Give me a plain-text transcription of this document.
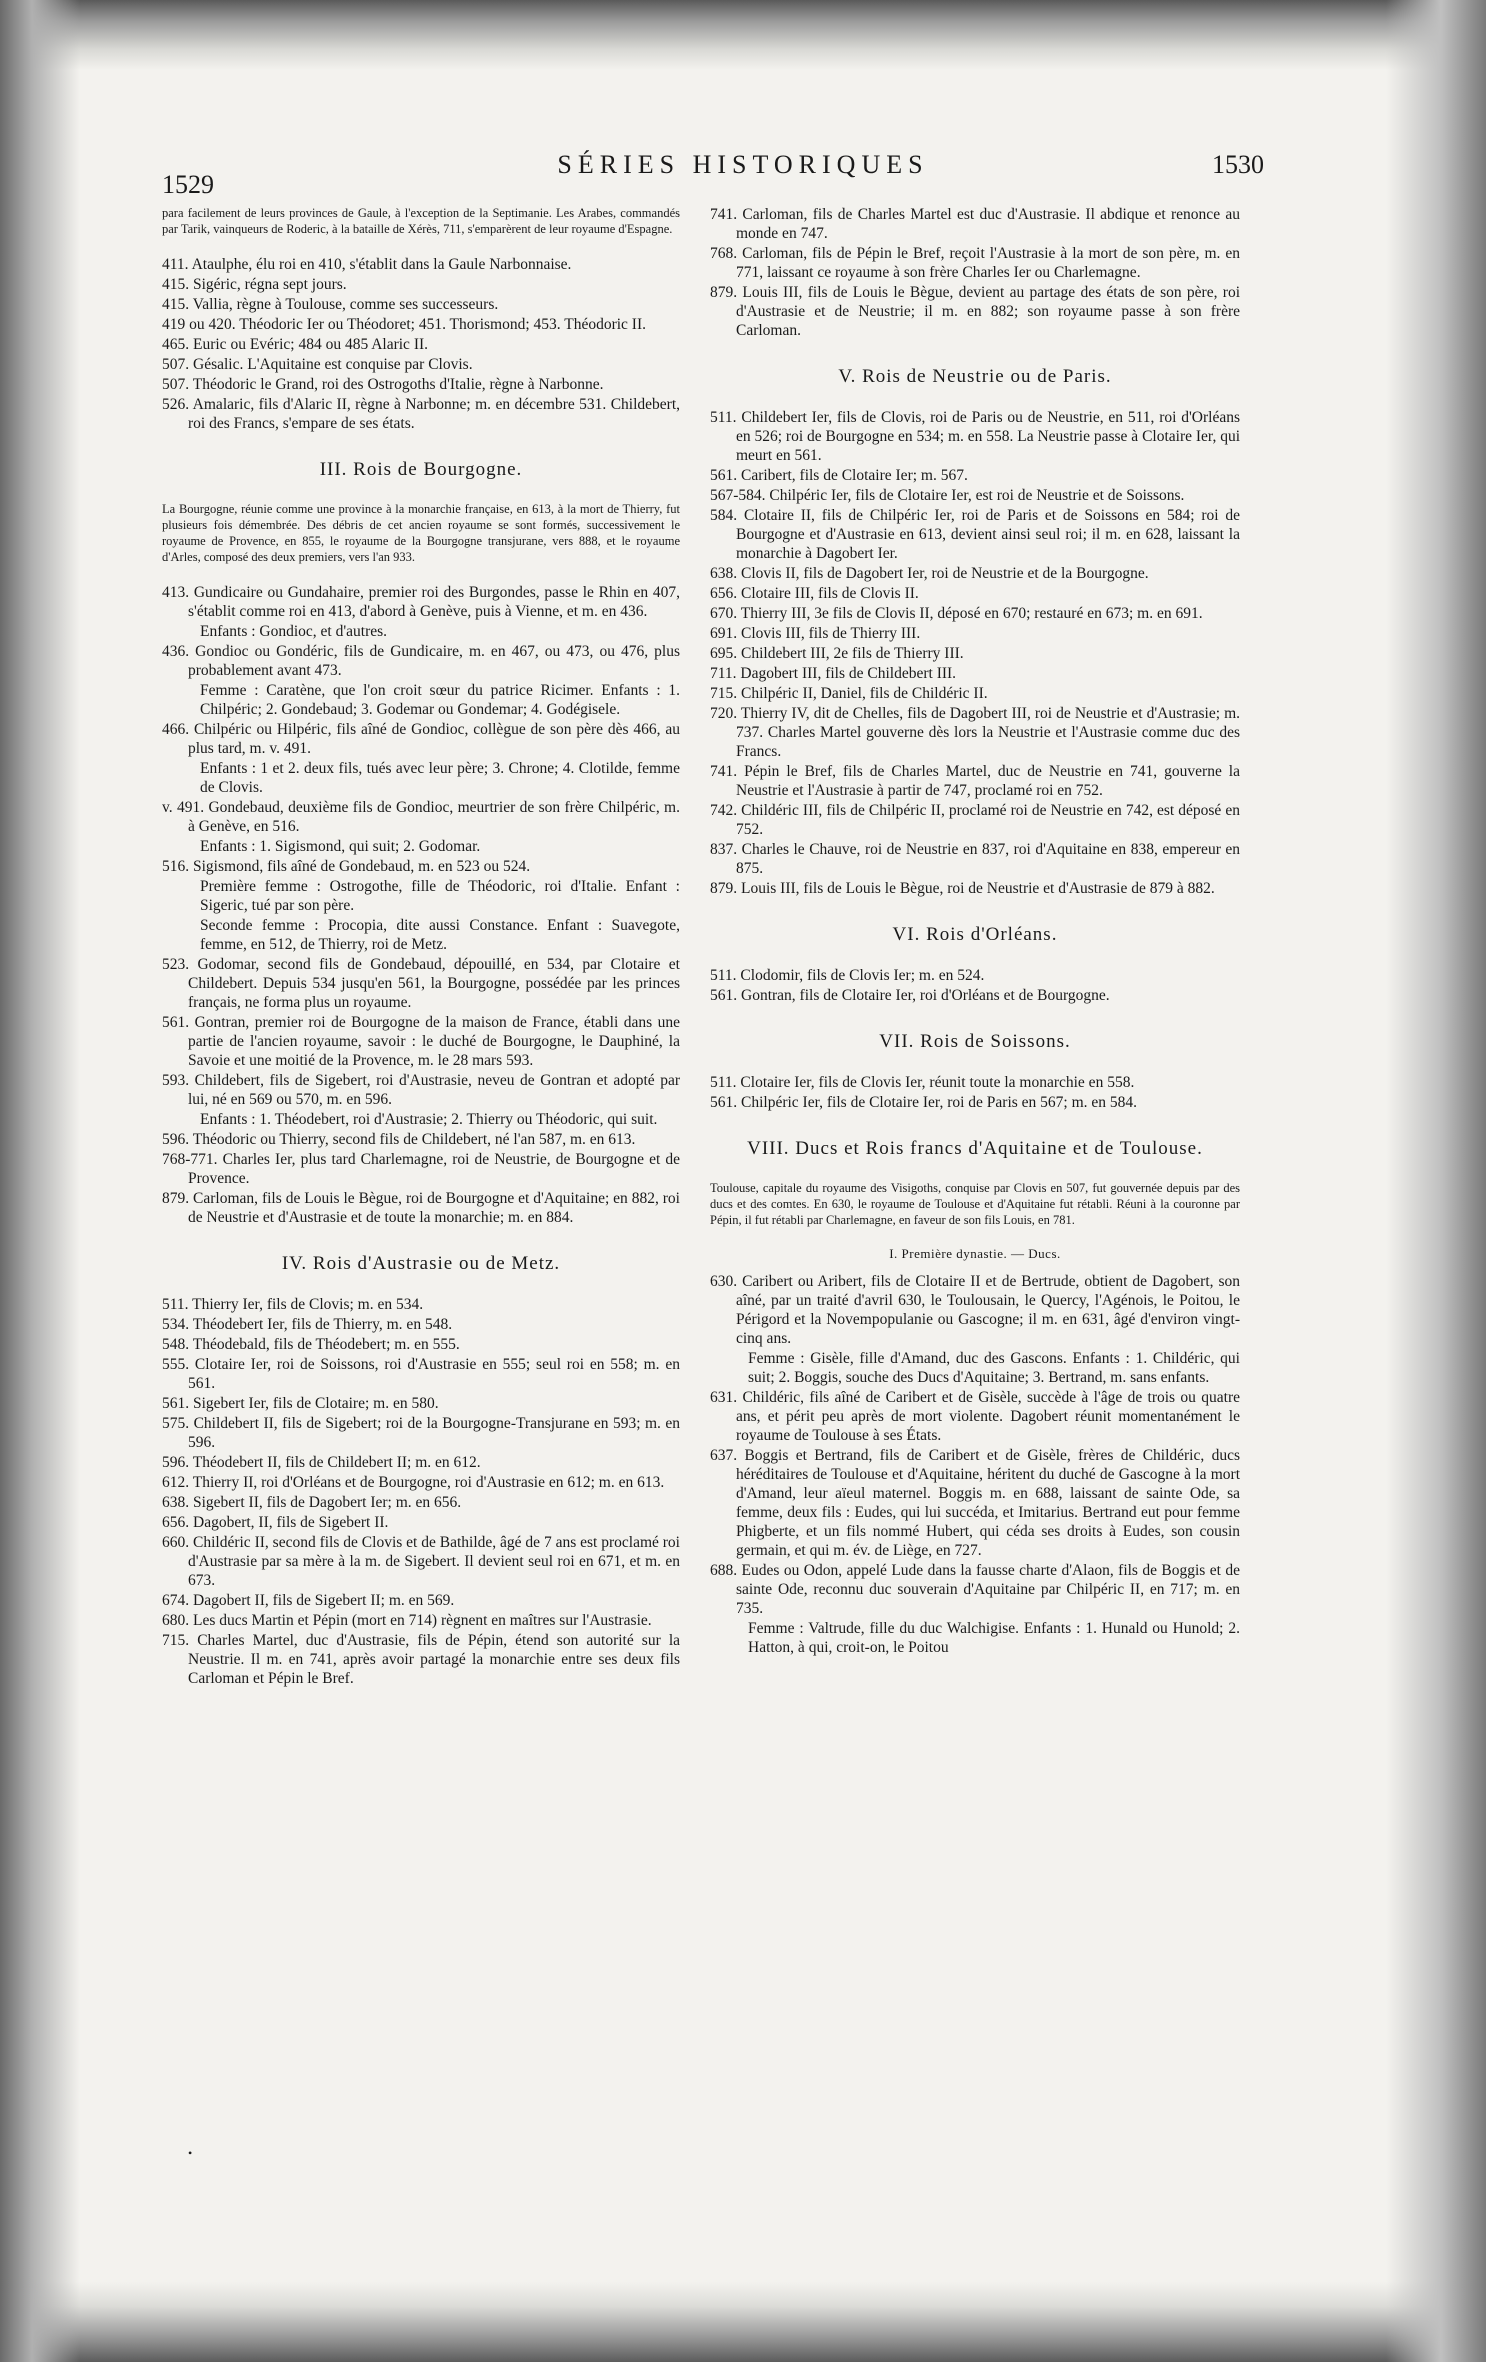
1529
SÉRIES HISTORIQUES	1530

para facilement de leurs provinces de Gaule, à l'exception de la Septimanie. Les Arabes, commandés par Tarik, vainqueurs de Roderic, à la bataille de Xérès, 711, s'emparèrent de leur royaume d'Espagne.

411. Ataulphe, élu roi en 410, s'établit dans la Gaule Narbonnaise.

415. Sigéric, régna sept jours.

415. Vallia, règne à Toulouse, comme ses successeurs.

419 ou 420. Théodoric Ier ou Théodoret; 451. Thorismond; 453. Théodoric II.

465. Euric ou Evéric; 484 ou 485 Alaric II.

507. Gésalic. L'Aquitaine est conquise par Clovis.

507. Théodoric le Grand, roi des Ostrogoths d'Italie, règne à Narbonne.

526. Amalaric, fils d'Alaric II, règne à Narbonne; m. en décembre 531. Childebert, roi des Francs, s'empare de ses états.

III. Rois de Bourgogne.

La Bourgogne, réunie comme une province à la monarchie française, en 613, à la mort de Thierry, fut plusieurs fois démembrée. Des débris de cet ancien royaume se sont formés, successivement le royaume de Provence, en 855, le royaume de la Bourgogne transjurane, vers 888, et le royaume d'Arles, composé des deux premiers, vers l'an 933.

413. Gundicaire ou Gundahaire, premier roi des Burgondes, passe le Rhin en 407, s'établit comme roi en 413, d'abord à Genève, puis à Vienne, et m. en 436.

Enfants : Gondioc, et d'autres.

436. Gondioc ou Gondéric, fils de Gundicaire, m. en 467, ou 473, ou 476, plus probablement avant 473.

Femme : Caratène, que l'on croit sœur du patrice Ricimer. Enfants : 1. Chilpéric; 2. Gondebaud; 3. Godemar ou Gondemar; 4. Godégisele.

466. Chilpéric ou Hilpéric, fils aîné de Gondioc, collègue de son père dès 466, au plus tard, m. v. 491.

Enfants : 1 et 2. deux fils, tués avec leur père; 3. Chrone; 4. Clotilde, femme de Clovis.

v. 491. Gondebaud, deuxième fils de Gondioc, meurtrier de son frère Chilpéric, m. à Genève, en 516.

Enfants : 1. Sigismond, qui suit; 2. Godomar.

516. Sigismond, fils aîné de Gondebaud, m. en 523 ou 524.

Première femme : Ostrogothe, fille de Théodoric, roi d'Italie. Enfant : Sigeric, tué par son père.

Seconde femme : Procopia, dite aussi Constance. Enfant : Suavegote, femme, en 512, de Thierry, roi de Metz.

523. Godomar, second fils de Gondebaud, dépouillé, en 534, par Clotaire et Childebert. Depuis 534 jusqu'en 561, la Bourgogne, possédée par les princes français, ne forma plus un royaume.

561. Gontran, premier roi de Bourgogne de la maison de France, établi dans une partie de l'ancien royaume, savoir : le duché de Bourgogne, le Dauphiné, la Savoie et une moitié de la Provence, m. le 28 mars 593.

593. Childebert, fils de Sigebert, roi d'Austrasie, neveu de Gontran et adopté par lui, né en 569 ou 570, m. en 596.

Enfants : 1. Théodebert, roi d'Austrasie; 2. Thierry ou Théodoric, qui suit.

596. Théodoric ou Thierry, second fils de Childebert, né l'an 587, m. en 613.

768-771. Charles Ier, plus tard Charlemagne, roi de Neustrie, de Bourgogne et de Provence.

879. Carloman, fils de Louis le Bègue, roi de Bourgogne et d'Aquitaine; en 882, roi de Neustrie et d'Austrasie et de toute la monarchie; m. en 884.

IV. Rois d'Austrasie ou de Metz.

511. Thierry Ier, fils de Clovis; m. en 534.

534. Théodebert Ier, fils de Thierry, m. en 548.

548. Théodebald, fils de Théodebert; m. en 555.

555. Clotaire Ier, roi de Soissons, roi d'Austrasie en 555; seul roi en 558; m. en 561.

561. Sigebert Ier, fils de Clotaire; m. en 580.

575. Childebert II, fils de Sigebert; roi de la Bourgogne-Transjurane en 593; m. en 596.

596. Théodebert II, fils de Childebert II; m. en 612.

612. Thierry II, roi d'Orléans et de Bourgogne, roi d'Austrasie en 612; m. en 613.

638. Sigebert II, fils de Dagobert Ier; m. en 656.

656. Dagobert, II, fils de Sigebert II.

660. Childéric II, second fils de Clovis et de Bathilde, âgé de 7 ans est proclamé roi d'Austrasie par sa mère à la m. de Sigebert. Il devient seul roi en 671, et m. en 673.

674. Dagobert II, fils de Sigebert II; m. en 569.

680. Les ducs Martin et Pépin (mort en 714) règnent en maîtres sur l'Austrasie.

715. Charles Martel, duc d'Austrasie, fils de Pépin, étend son autorité sur la Neustrie. Il m. en 741, après avoir partagé la monarchie entre ses deux fils Carloman et Pépin le Bref.

741. Carloman, fils de Charles Martel est duc d'Austrasie. Il abdique et renonce au monde en 747.

768. Carloman, fils de Pépin le Bref, reçoit l'Austrasie à la mort de son père, m. en 771, laissant ce royaume à son frère Charles Ier ou Charlemagne.

879. Louis III, fils de Louis le Bègue, devient au partage des états de son père, roi d'Austrasie et de Neustrie; il m. en 882; son royaume passe à son frère Carloman.

V. Rois de Neustrie ou de Paris.

511. Childebert Ier, fils de Clovis, roi de Paris ou de Neustrie, en 511, roi d'Orléans en 526; roi de Bourgogne en 534; m. en 558. La Neustrie passe à Clotaire Ier, qui meurt en 561.

561. Caribert, fils de Clotaire Ier; m. 567.

567-584. Chilpéric Ier, fils de Clotaire Ier, est roi de Neustrie et de Soissons.

584. Clotaire II, fils de Chilpéric Ier, roi de Paris et de Soissons en 584; roi de Bourgogne et d'Austrasie en 613, devient ainsi seul roi; il m. en 628, laissant la monarchie à Dagobert Ier.

638. Clovis II, fils de Dagobert Ier, roi de Neustrie et de la Bourgogne.

656. Clotaire III, fils de Clovis II.

670. Thierry III, 3e fils de Clovis II, déposé en 670; restauré en 673; m. en 691.

691. Clovis III, fils de Thierry III.

695. Childebert III, 2e fils de Thierry III.

711. Dagobert III, fils de Childebert III.

715. Chilpéric II, Daniel, fils de Childéric II.

720. Thierry IV, dit de Chelles, fils de Dagobert III, roi de Neustrie et d'Austrasie; m. 737. Charles Martel gouverne dès lors la Neustrie et l'Austrasie comme duc des Francs.

741. Pépin le Bref, fils de Charles Martel, duc de Neustrie en 741, gouverne la Neustrie et l'Austrasie à partir de 747, proclamé roi en 752.

742. Childéric III, fils de Chilpéric II, proclamé roi de Neustrie en 742, est déposé en 752.

837. Charles le Chauve, roi de Neustrie en 837, roi d'Aquitaine en 838, empereur en 875.

879. Louis III, fils de Louis le Bègue, roi de Neustrie et d'Austrasie de 879 à 882.

VI. Rois d'Orléans.

511. Clodomir, fils de Clovis Ier; m. en 524.

561. Gontran, fils de Clotaire Ier, roi d'Orléans et de Bourgogne.

VII. Rois de Soissons.

511. Clotaire Ier, fils de Clovis Ier, réunit toute la monarchie en 558.

561. Chilpéric Ier, fils de Clotaire Ier, roi de Paris en 567; m. en 584.

VIII. Ducs et Rois francs d'Aquitaine et de Toulouse.

Toulouse, capitale du royaume des Visigoths, conquise par Clovis en 507, fut gouvernée depuis par des ducs et des comtes. En 630, le royaume de Toulouse et d'Aquitaine fut rétabli. Réuni à la couronne par Pépin, il fut rétabli par Charlemagne, en faveur de son fils Louis, en 781.

I. Première dynastie. — Ducs.

630. Caribert ou Aribert, fils de Clotaire II et de Bertrude, obtient de Dagobert, son aîné, par un traité d'avril 630, le Toulousain, le Quercy, l'Agénois, le Poitou, le Périgord et la Novempopulanie ou Gascogne; il m. en 631, âgé d'environ vingt-cinq ans.

Femme : Gisèle, fille d'Amand, duc des Gascons. Enfants : 1. Childéric, qui suit; 2. Boggis, souche des Ducs d'Aquitaine; 3. Bertrand, m. sans enfants.

631. Childéric, fils aîné de Caribert et de Gisèle, succède à l'âge de trois ou quatre ans, et périt peu après de mort violente. Dagobert réunit momentanément le royaume de Toulouse à ses États.

637. Boggis et Bertrand, fils de Caribert et de Gisèle, frères de Childéric, ducs héréditaires de Toulouse et d'Aquitaine, héritent du duché de Gascogne à la mort d'Amand, leur aïeul maternel. Boggis m. en 688, laissant de sainte Ode, sa femme, deux fils : Eudes, qui lui succéda, et Imitarius. Bertrand eut pour femme Phigberte, et un fils nommé Hubert, qui céda ses droits à Eudes, son cousin germain, et qui m. év. de Liège, en 727.

688. Eudes ou Odon, appelé Lude dans la fausse charte d'Alaon, fils de Boggis et de sainte Ode, reconnu duc souverain d'Aquitaine par Chilpéric II, en 717; m. en 735.

Femme : Valtrude, fille du duc Walchigise. Enfants : 1. Hunald ou Hunold; 2. Hatton, à qui, croit-on, le Poitou

•
